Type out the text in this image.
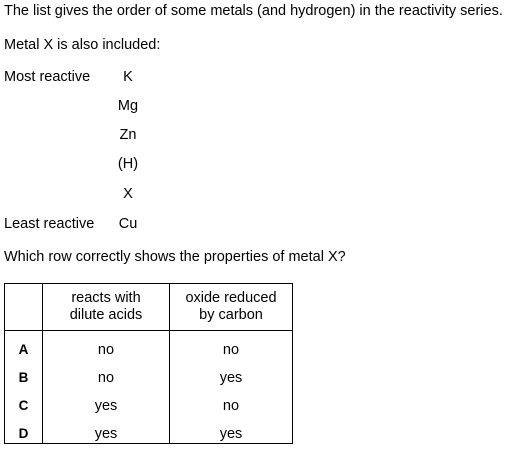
The list gives the order of some metals (and hydrogen) in the reactivity series.
Metal X is also included:
Most reactive	K
Mg
Zn
(H)
X
Least reactive	Cu
Which row correctly shows the properties of metal X?
reacts with
dilute acids
oxide reduced
by carbon
A	no	no
B	no	yes
C	yes	no
D	yes	yes
